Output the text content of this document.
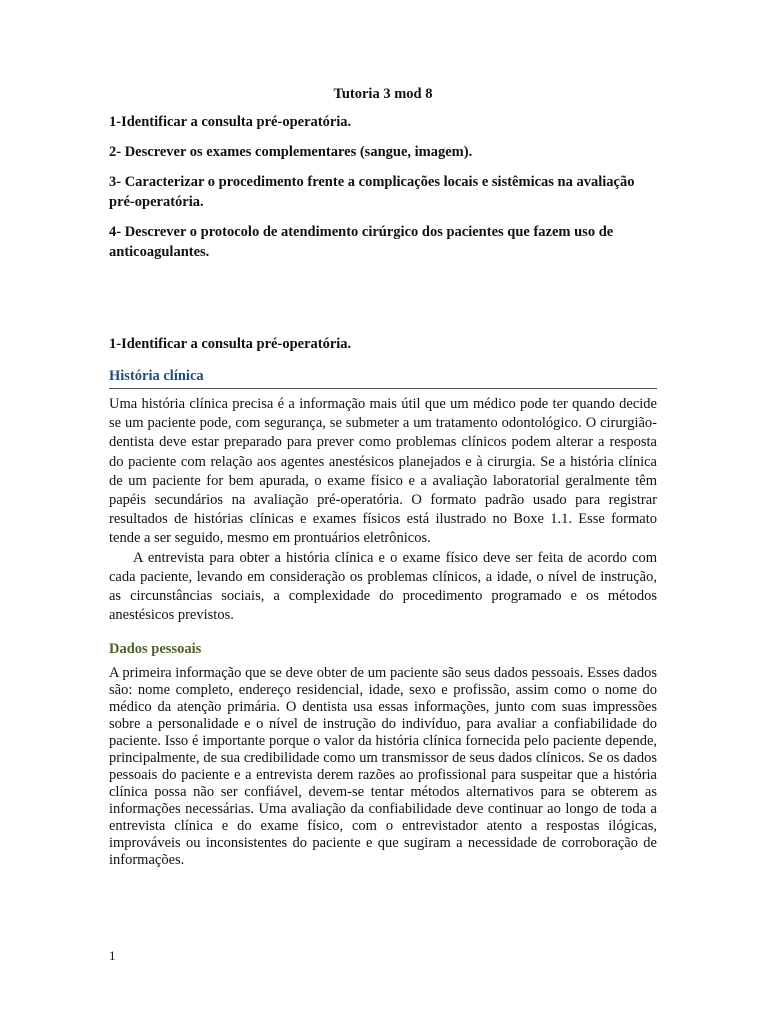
Tutoria 3 mod 8

1-Identificar a consulta pré-operatória.

2- Descrever os exames complementares (sangue, imagem).

3- Caracterizar o procedimento frente a complicações locais e sistêmicas na avaliação pré-operatória.

4- Descrever o protocolo de atendimento cirúrgico dos pacientes que fazem uso de anticoagulantes.

1-Identificar a consulta pré-operatória.

História clínica

Uma história clínica precisa é a informação mais útil que um médico pode ter quando decide se um paciente pode, com segurança, se submeter a um tratamento odontológico. O cirurgião-dentista deve estar preparado para prever como problemas clínicos podem alterar a resposta do paciente com relação aos agentes anestésicos planejados e à cirurgia. Se a história clínica de um paciente for bem apurada, o exame físico e a avaliação laboratorial geralmente têm papéis secundários na avaliação pré-operatória. O formato padrão usado para registrar resultados de histórias clínicas e exames físicos está ilustrado no Boxe 1.1. Esse formato tende a ser seguido, mesmo em prontuários eletrônicos.

A entrevista para obter a história clínica e o exame físico deve ser feita de acordo com cada paciente, levando em consideração os problemas clínicos, a idade, o nível de instrução, as circunstâncias sociais, a complexidade do procedimento programado e os métodos anestésicos previstos.

Dados pessoais

A primeira informação que se deve obter de um paciente são seus dados pessoais. Esses dados são: nome completo, endereço residencial, idade, sexo e profissão, assim como o nome do médico da atenção primária. O dentista usa essas informações, junto com suas impressões sobre a personalidade e o nível de instrução do indivíduo, para avaliar a confiabilidade do paciente. Isso é importante porque o valor da história clínica fornecida pelo paciente depende, principalmente, de sua credibilidade como um transmissor de seus dados clínicos. Se os dados pessoais do paciente e a entrevista derem razões ao profissional para suspeitar que a história clínica possa não ser confiável, devem-se tentar métodos alternativos para se obterem as informações necessárias. Uma avaliação da confiabilidade deve continuar ao longo de toda a entrevista clínica e do exame físico, com o entrevistador atento a respostas ilógicas, improváveis ou inconsistentes do paciente e que sugiram a necessidade de corroboração de informações.

1
